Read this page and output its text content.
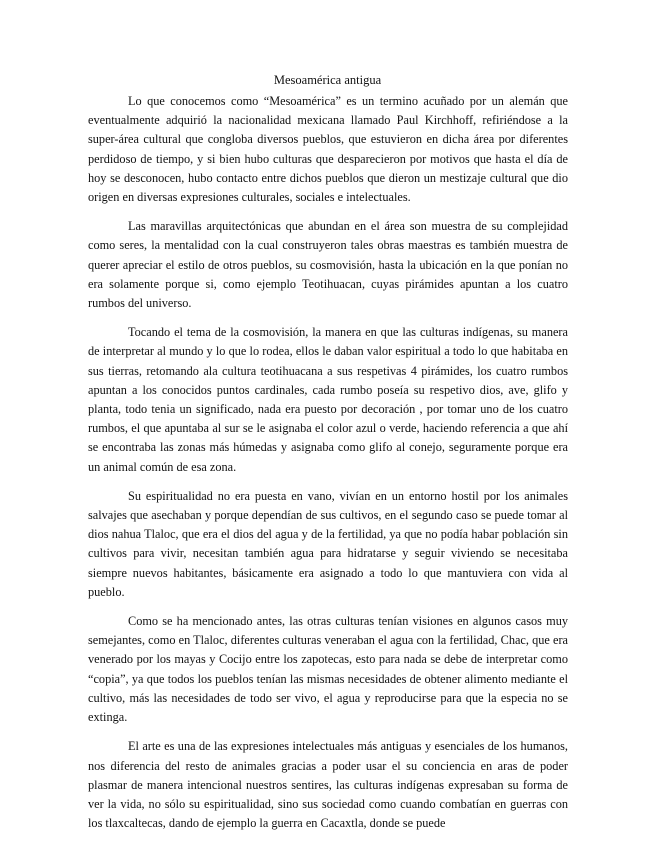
Mesoamérica antigua

Lo que conocemos como “Mesoamérica” es un termino acuñado por un alemán que eventualmente adquirió la nacionalidad mexicana llamado Paul Kirchhoff, refiriéndose a la super-área cultural que congloba diversos pueblos, que estuvieron en dicha área por diferentes perdidoso de tiempo, y si bien hubo culturas que desparecieron por motivos que hasta el día de hoy se desconocen, hubo contacto entre dichos pueblos que dieron un mestizaje cultural que dio origen en diversas expresiones culturales, sociales e intelectuales.

Las maravillas arquitectónicas que abundan en el área son muestra de su complejidad como seres, la mentalidad con la cual construyeron tales obras maestras es también muestra de querer apreciar el estilo de otros pueblos, su cosmovisión, hasta la ubicación en la que ponían no era solamente porque si, como ejemplo Teotihuacan, cuyas pirámides apuntan a los cuatro rumbos del universo.

Tocando el tema de la cosmovisión, la manera en que las culturas indígenas, su manera de interpretar al mundo y lo que lo rodea, ellos le daban valor espiritual a todo lo que habitaba en sus tierras, retomando ala cultura teotihuacana a sus respetivas 4 pirámides, los cuatro rumbos apuntan a los conocidos puntos cardinales, cada rumbo poseía su respetivo dios, ave, glifo y planta, todo tenia un significado, nada era puesto por decoración , por tomar uno de los cuatro rumbos, el que apuntaba al sur se le asignaba el color azul o verde, haciendo referencia a que ahí se encontraba las zonas más húmedas y asignaba como glifo al conejo, seguramente porque era un animal común de esa zona.

Su espiritualidad no era puesta en vano, vivían en un entorno hostil por los animales salvajes que asechaban y porque dependían de sus cultivos, en el segundo caso se puede tomar al dios nahua Tlaloc, que era el dios del agua y de la fertilidad, ya que no podía habar población sin cultivos para vivir, necesitan también agua para hidratarse y seguir viviendo se necesitaba siempre nuevos habitantes, básicamente era asignado a todo lo que mantuviera con vida al pueblo.

Como se ha mencionado antes, las otras culturas tenían visiones en algunos casos muy semejantes, como en Tlaloc, diferentes culturas veneraban el agua con la fertilidad, Chac, que era venerado por los mayas y Cocijo entre los zapotecas, esto para nada se debe de interpretar como “copia”, ya que todos los pueblos tenían las mismas necesidades de obtener alimento mediante el cultivo, más las necesidades de todo ser vivo, el agua y reproducirse para que la especia no se extinga.

El arte es una de las expresiones intelectuales más antiguas y esenciales de los humanos, nos diferencia del resto de animales gracias a poder usar el su conciencia en aras de poder plasmar de manera intencional nuestros sentires, las culturas indígenas expresaban su forma de ver la vida, no sólo su espiritualidad, sino sus sociedad como cuando combatían en guerras con los tlaxcaltecas, dando de ejemplo la guerra en Cacaxtla, donde se puede
